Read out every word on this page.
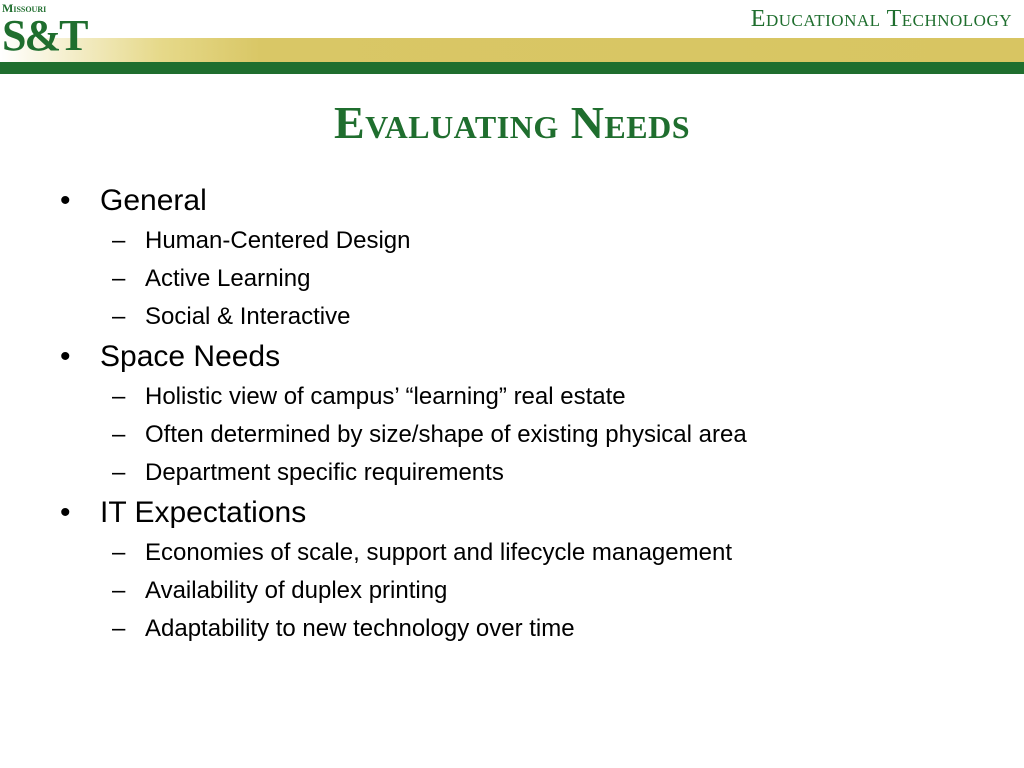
Missouri
S&T	Educational Technology
Evaluating Needs
• General
– Human-Centered Design
– Active Learning
– Social & Interactive
• Space Needs
– Holistic view of campus’ “learning” real estate
– Often determined by size/shape of existing physical area
– Department specific requirements
• IT Expectations
– Economies of scale, support and lifecycle management
– Availability of duplex printing
– Adaptability to new technology over time
